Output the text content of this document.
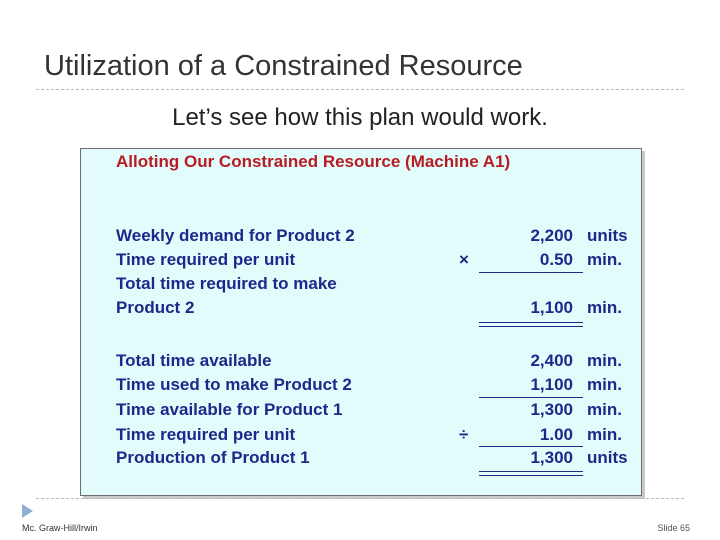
Utilization of a Constrained Resource
Let’s see how this plan would work.
Alloting Our Constrained Resource (Machine A1)
Weekly demand for Product 2	2,200 units
Time required per unit	×	0.50 min.
Total time required to make
Product 2	1,100 min.
Total time available	2,400 min.
Time used to make Product 2	1,100 min.
Time available for Product 1	1,300 min.
Time required per unit	÷	1.00 min.
Production of Product 1	1,300 units
Mc. Graw-Hill/Irwin	Slide 65
